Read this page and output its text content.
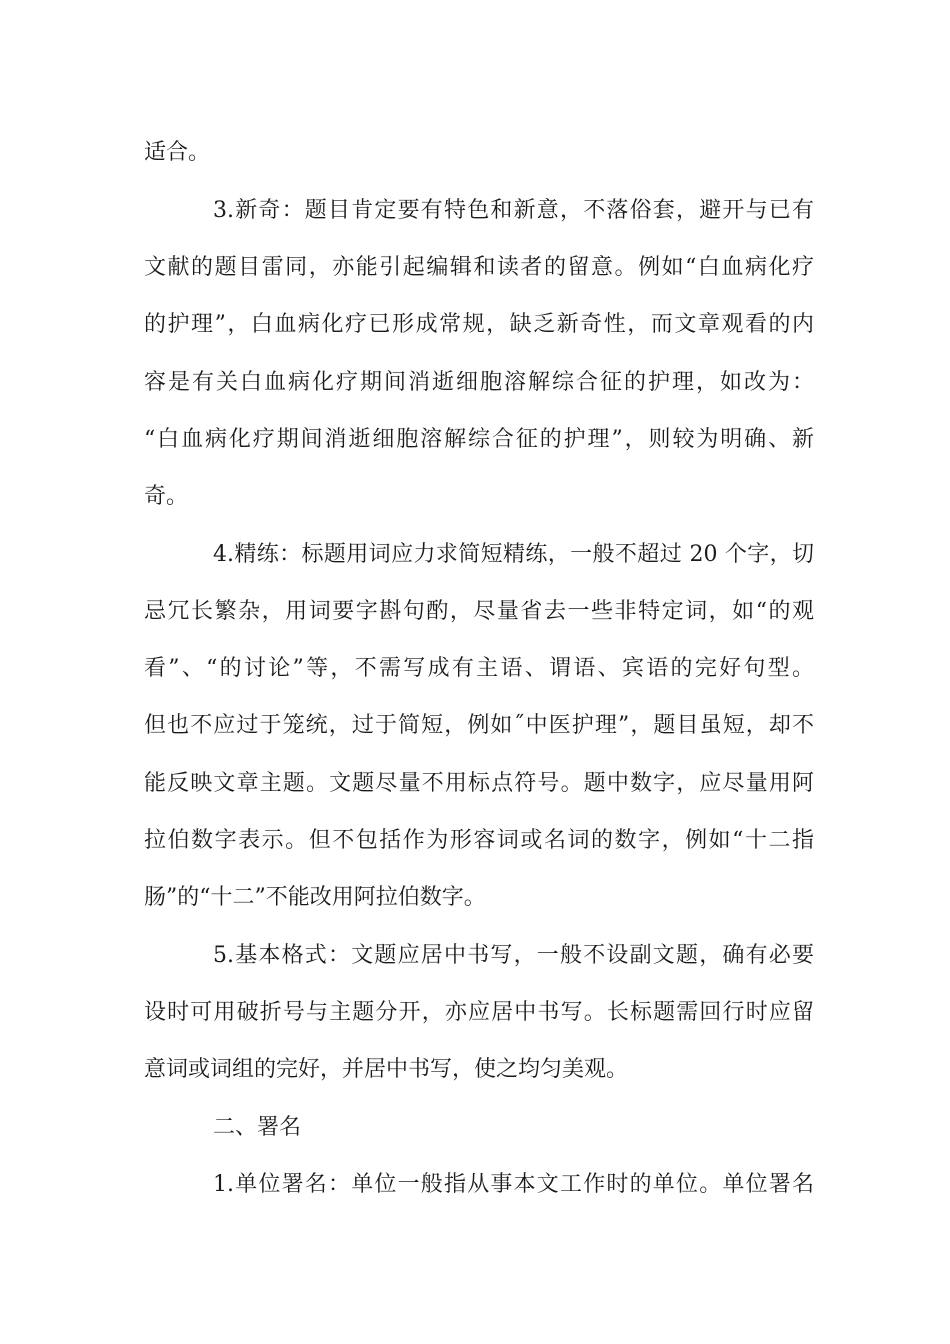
适合。

3.新奇：题目肯定要有特色和新意，不落俗套，避开与已有

文献的题目雷同，亦能引起编辑和读者的留意。例如“白血病化疗

的护理”，白血病化疗已形成常规，缺乏新奇性，而文章观看的内

容是有关白血病化疗期间消逝细胞溶解综合征的护理，如改为：

“白血病化疗期间消逝细胞溶解综合征的护理”，则较为明确、新

奇。

4.精练：标题用词应力求简短精练，一般不超过 20 个字，切

忌冗长繁杂，用词要字斟句酌，尽量省去一些非特定词，如“的观

看”、“的讨论”等，不需写成有主语、谓语、宾语的完好句型。

但也不应过于笼统，过于简短，例如˝中医护理”，题目虽短，却不

能反映文章主题。文题尽量不用标点符号。题中数字，应尽量用阿

拉伯数字表示。但不包括作为形容词或名词的数字，例如“十二指

肠”的“十二”不能改用阿拉伯数字。

5.基本格式：文题应居中书写，一般不设副文题，确有必要

设时可用破折号与主题分开，亦应居中书写。长标题需回行时应留

意词或词组的完好，并居中书写，使之均匀美观。

二、署名

1.单位署名：单位一般指从事本文工作时的单位。单位署名
